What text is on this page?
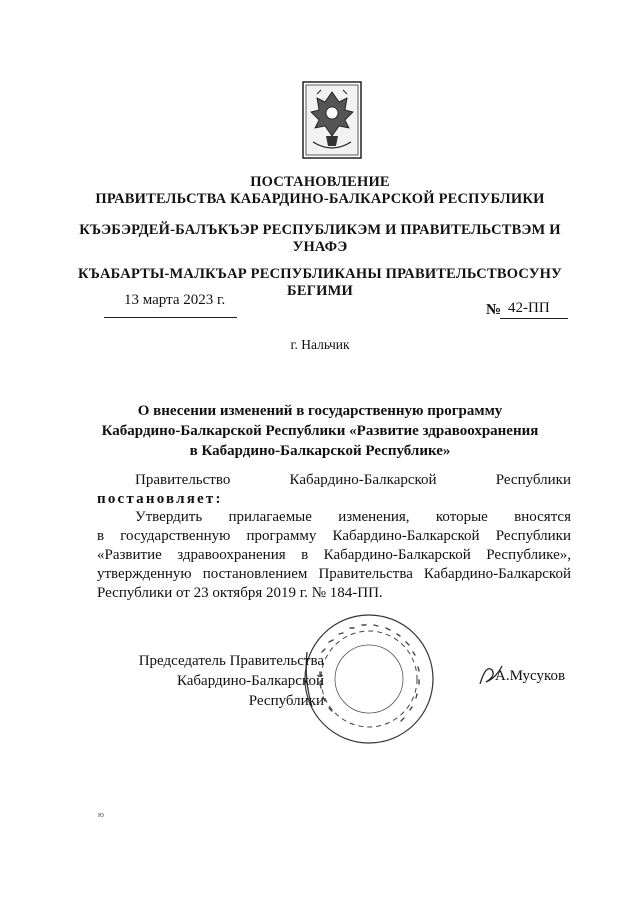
ПОСТАНОВЛЕНИЕ
ПРАВИТЕЛЬСТВА КАБАРДИНО-БАЛКАРСКОЙ РЕСПУБЛИКИ
КЪЭБЭРДЕЙ-БАЛЪКЪЭР РЕСПУБЛИКЭМ И ПРАВИТЕЛЬСТВЭМ И
УНАФЭ
КЪАБАРТЫ-МАЛКЪАР РЕСПУБЛИКАНЫ ПРАВИТЕЛЬСТВОСУНУ
БЕГИМИ
13 марта 2023 г.
№ 42-ПП
г. Нальчик
О внесении изменений в государственную программу
Кабардино-Балкарской Республики «Развитие здравоохранения
в Кабардино-Балкарской Республике»
Правительство	Кабардино-Балкарской	Республики
постановляет:
Утвердить     прилагаемые     изменения,     которые     вносятся
в государственную программу Кабардино-Балкарской Республики
«Развитие здравоохранения в Кабардино-Балкарской Республике»,
утвержденную постановлением Правительства Кабардино-Балкарской
Республики от 23 октября 2019 г. № 184-ПП.
Председатель Правительства
Кабардино-Балкарской Республики
А.Мусуков
ю
